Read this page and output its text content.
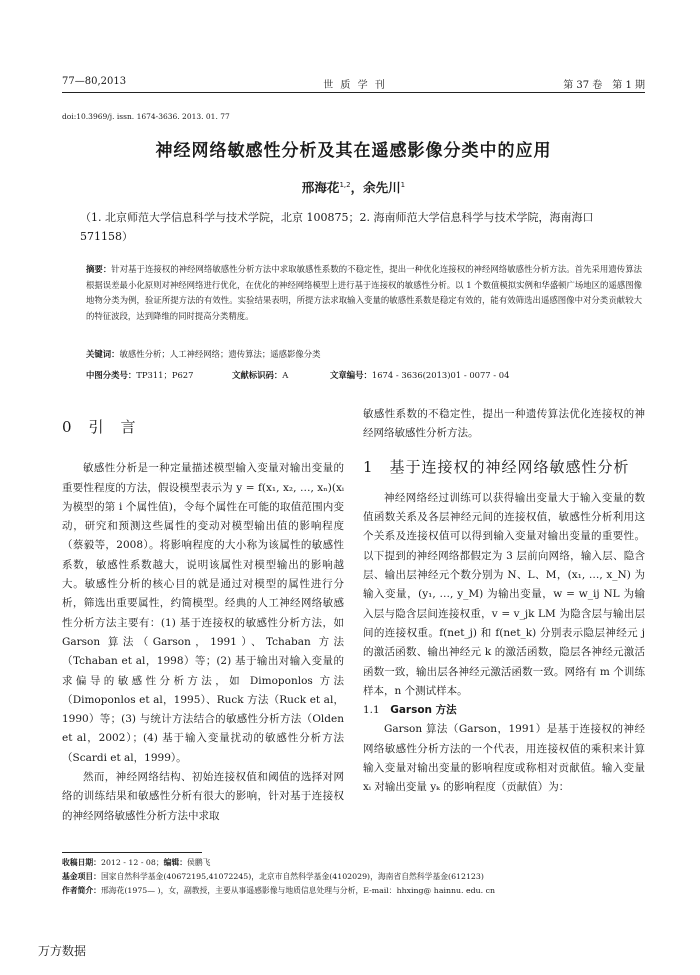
77—80,2013	世 质 学 刊	第 37 卷　第 1 期
doi:10.3969/j. issn. 1674-3636. 2013. 01. 77
神经网络敏感性分析及其在遥感影像分类中的应用
邢海花$^{1,2}$，余先川$^1$
（1. 北京师范大学信息科学与技术学院，北京 100875；2. 海南师范大学信息科学与技术学院，海南海口 571158）
摘要：针对基于连接权的神经网络敏感性分析方法中求取敏感性系数的不稳定性，提出一种优化连接权的神经网络敏感性分析方法。首先采用遗传算法根据误差最小化原则对神经网络进行优化，在优化的神经网络模型上进行基于连接权的敏感性分析。以 1 个数值模拟实例和华盛顿广场地区的遥感图像地物分类为例，验证所提方法的有效性。实验结果表明，所提方法求取输入变量的敏感性系数是稳定有效的，能有效筛选出遥感图像中对分类贡献较大的特征波段，达到降维的同时提高分类精度。
关键词：敏感性分析；人工神经网络；遗传算法；遥感影像分类
中图分类号：TP311；P627	文献标识码：A	文章编号：1674 - 3636(2013)01 - 0077 - 04
0　引　言

敏感性分析是一种定量描述模型输入变量对输出变量的重要性程度的方法，假设模型表示为 y = f(x₁, x₂, …, xₙ)(xᵢ 为模型的第 i 个属性值)，令每个属性在可能的取值范围内变动，研究和预测这些属性的变动对模型输出值的影响程度（蔡毅等，2008）。将影响程度的大小称为该属性的敏感性系数，敏感性系数越大，说明该属性对模型输出的影响越大。敏感性分析的核心目的就是通过对模型的属性进行分析，筛选出重要属性，约简模型。经典的人工神经网络敏感性分析方法主要有：(1) 基于连接权的敏感性分析方法，如 Garson 算法（Garson，1991）、Tchaban 方法（Tchaban et al，1998）等；(2) 基于输出对输入变量的求偏导的敏感性分析方法，如 Dimoponlos 方法（Dimoponlos et al，1995）、Ruck 方法（Ruck et al，1990）等；(3) 与统计方法结合的敏感性分析方法（Olden et al，2002）；(4) 基于输入变量扰动的敏感性分析方法（Scardi et al，1999）。

然而，神经网络结构、初始连接权值和阈值的选择对网络的训练结果和敏感性分析有很大的影响，针对基于连接权的神经网络敏感性分析方法中求取

敏感性系数的不稳定性，提出一种遗传算法优化连接权的神经网络敏感性分析方法。
1　基于连接权的神经网络敏感性分析

神经网络经过训练可以获得输出变量大于输入变量的数值函数关系及各层神经元间的连接权值，敏感性分析利用这个关系及连接权值可以得到输入变量对输出变量的重要性。以下提到的神经网络都假定为 3 层前向网络，输入层、隐含层、输出层神经元个数分别为 N、L、M，(x₁, …, x_N) 为输入变量，(y₁, …, y_M) 为输出变量，w = w_ij NL 为输入层与隐含层间连接权重，v = v_jk LM 为隐含层与输出层间的连接权重。f(net_j) 和 f(net_k) 分别表示隐层神经元 j 的激活函数、输出神经元 k 的激活函数，隐层各神经元激活函数一致，输出层各神经元激活函数一致。网络有 m 个训练样本，n 个测试样本。

1.1　 Garson 方法

Garson 算法（Garson，1991）是基于连接权的神经网络敏感性分析方法的一个代表，用连接权值的乘积来计算输入变量对输出变量的影响程度或称相对贡献值。输入变量 xᵢ 对输出变量 yₖ 的影响程度（贡献值）为：

收稿日期：2012 - 12 - 08；编辑：侯鹏飞
基金项目：国家自然科学基金(40672195,41072245)，北京市自然科学基金(4102029)，海南省自然科学基金(612123)
作者简介：邢海花(1975— )，女，副教授，主要从事遥感影像与地质信息处理与分析，E-mail：hhxing@ hainnu. edu. cn
万方数据
